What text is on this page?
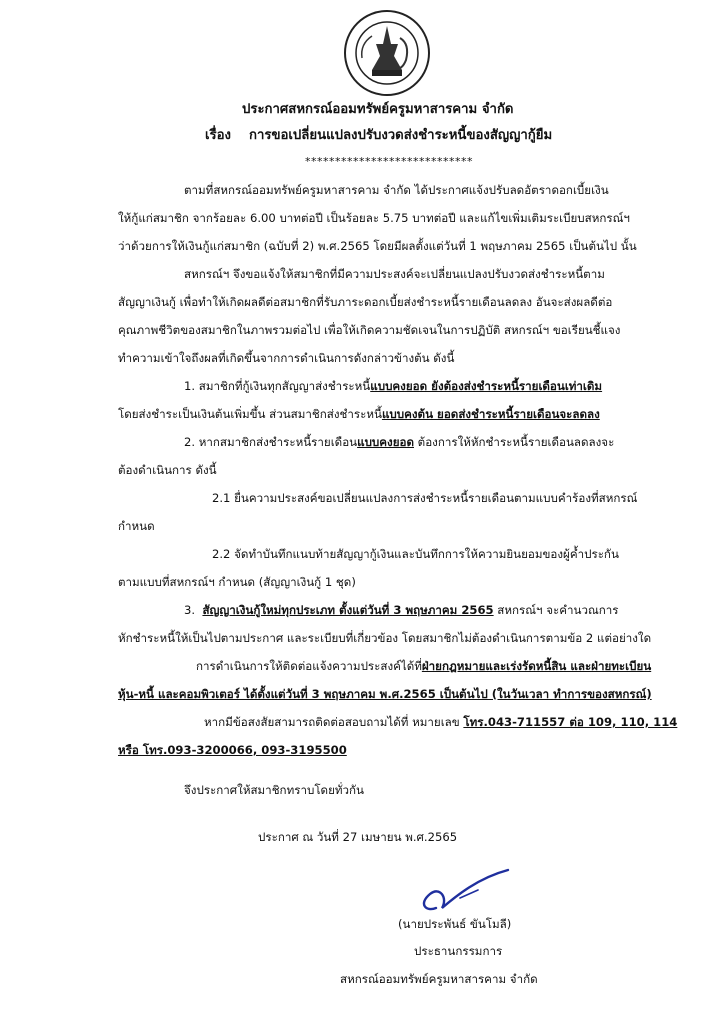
ประกาศสหกรณ์ออมทรัพย์ครูมหาสารคาม จำกัด
เรื่อง การขอเปลี่ยนแปลงปรับงวดส่งชำระหนี้ของสัญญากู้ยืม
****************************
ตามที่สหกรณ์ออมทรัพย์ครูมหาสารคาม จำกัด ได้ประกาศแจ้งปรับลดอัตราดอกเบี้ยเงิน
ให้กู้แก่สมาชิก จากร้อยละ 6.00 บาทต่อปี เป็นร้อยละ 5.75 บาทต่อปี และแก้ไขเพิ่มเติมระเบียบสหกรณ์ฯ
ว่าด้วยการให้เงินกู้แก่สมาชิก (ฉบับที่ 2) พ.ศ.2565 โดยมีผลตั้งแต่วันที่ 1 พฤษภาคม 2565 เป็นต้นไป นั้น
สหกรณ์ฯ จึงขอแจ้งให้สมาชิกที่มีความประสงค์จะเปลี่ยนแปลงปรับงวดส่งชำระหนี้ตาม
สัญญาเงินกู้ เพื่อทำให้เกิดผลดีต่อสมาชิกที่รับภาระดอกเบี้ยส่งชำระหนี้รายเดือนลดลง อันจะส่งผลดีต่อ
คุณภาพชีวิตของสมาชิกในภาพรวมต่อไป เพื่อให้เกิดความชัดเจนในการปฏิบัติ สหกรณ์ฯ ขอเรียนชี้แจง
ทำความเข้าใจถึงผลที่เกิดขึ้นจากการดำเนินการดังกล่าวข้างต้น ดังนี้
1. สมาชิกที่กู้เงินทุกสัญญาส่งชำระหนี้แบบคงยอด ยังต้องส่งชำระหนี้รายเดือนเท่าเดิม
โดยส่งชำระเป็นเงินต้นเพิ่มขึ้น ส่วนสมาชิกส่งชำระหนี้แบบคงต้น ยอดส่งชำระหนี้รายเดือนจะลดลง
2. หากสมาชิกส่งชำระหนี้รายเดือนแบบคงยอด ต้องการให้หักชำระหนี้รายเดือนลดลงจะ
ต้องดำเนินการ ดังนี้
2.1 ยื่นความประสงค์ขอเปลี่ยนแปลงการส่งชำระหนี้รายเดือนตามแบบคำร้องที่สหกรณ์
กำหนด
2.2 จัดทำบันทึกแนบท้ายสัญญากู้เงินและบันทึกการให้ความยินยอมของผู้ค้ำประกัน
ตามแบบที่สหกรณ์ฯ กำหนด (สัญญาเงินกู้ 1 ชุด)
3. สัญญาเงินกู้ใหม่ทุกประเภท ตั้งแต่วันที่ 3 พฤษภาคม 2565 สหกรณ์ฯ จะคำนวณการ
หักชำระหนี้ให้เป็นไปตามประกาศ และระเบียบที่เกี่ยวข้อง โดยสมาชิกไม่ต้องดำเนินการตามข้อ 2 แต่อย่างใด
การดำเนินการให้ติดต่อแจ้งความประสงค์ได้ที่ฝ่ายกฎหมายและเร่งรัดหนี้สิน และฝ่ายทะเบียน
หุ้น-หนี้ และคอมพิวเตอร์ ได้ตั้งแต่วันที่ 3 พฤษภาคม พ.ศ.2565 เป็นต้นไป (ในวันเวลา ทำการของสหกรณ์)
หากมีข้อสงสัยสามารถติดต่อสอบถามได้ที่ หมายเลข โทร.043-711557 ต่อ 109, 110, 114
หรือ โทร.093-3200066, 093-3195500
จึงประกาศให้สมาชิกทราบโดยทั่วกัน
ประกาศ ณ วันที่ 27 เมษายน พ.ศ.2565
(นายประพันธ์ ขันโมลี)
ประธานกรรมการ
สหกรณ์ออมทรัพย์ครูมหาสารคาม จำกัด
